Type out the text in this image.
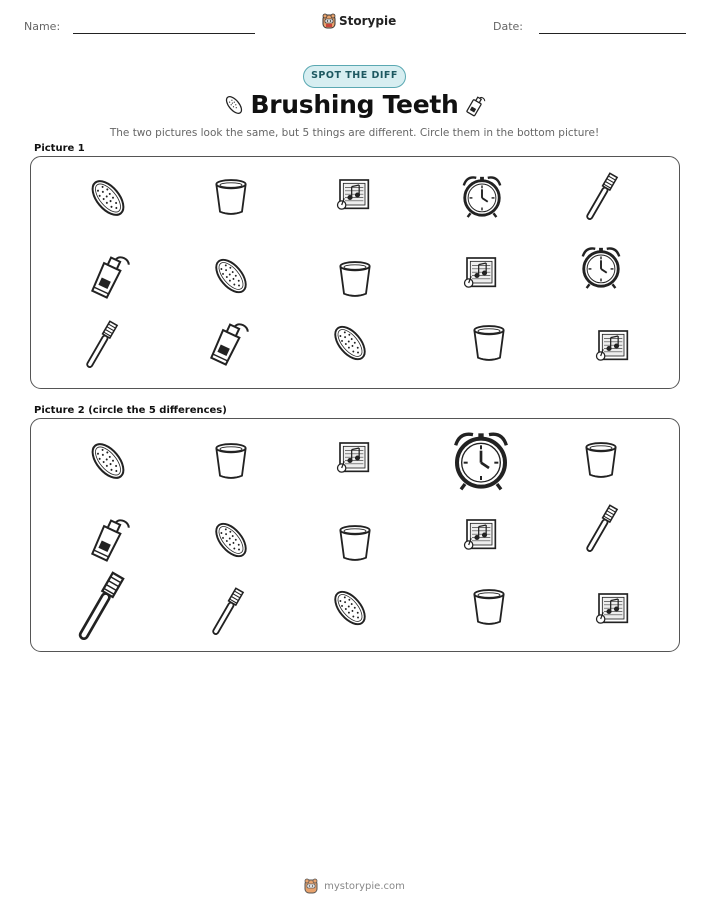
Name:	Storypie	Date:
SPOT THE DIFF
Brushing Teeth
The two pictures look the same, but 5 things are different. Circle them in the bottom picture!
Picture 1
Picture 2 (circle the 5 differences)
mystorypie.com
